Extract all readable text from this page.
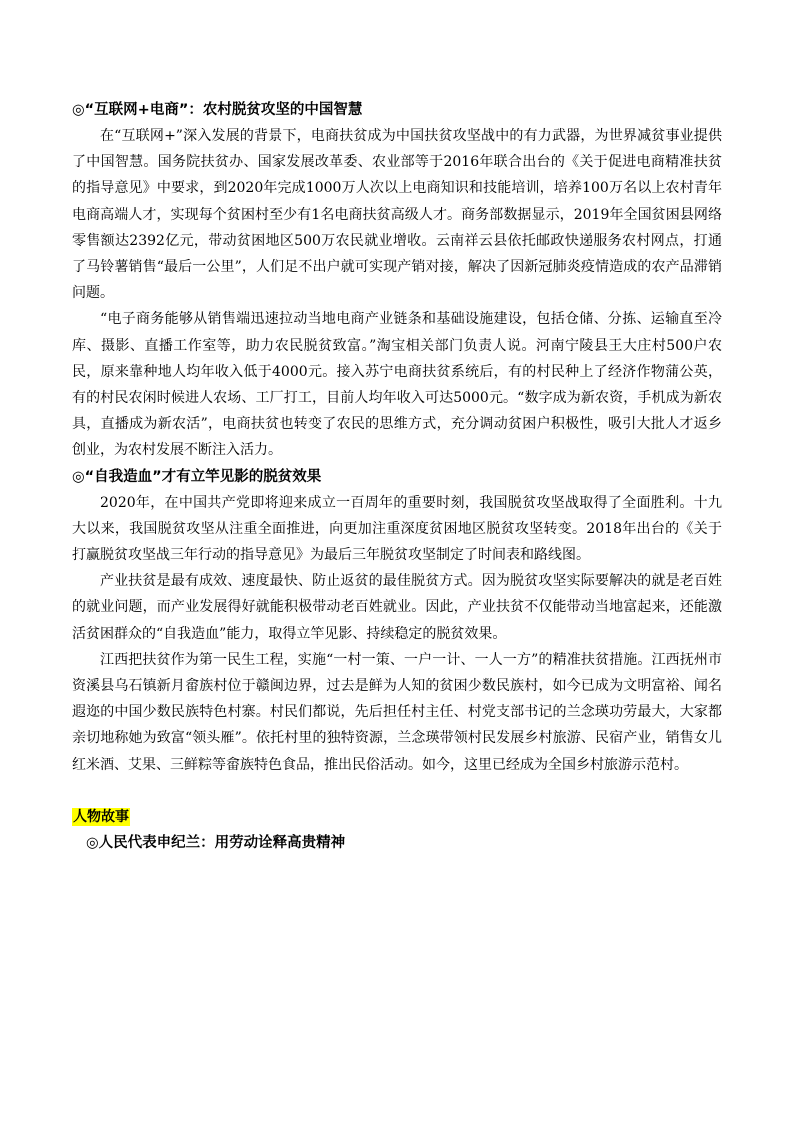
◎“互联网+电商”：农村脱贫攻坚的中国智慧

在“互联网+”深入发展的背景下，电商扶贫成为中国扶贫攻坚战中的有力武器，为世界减贫事业提供了中国智慧。国务院扶贫办、国家发展改革委、农业部等于2016年联合出台的《关于促进电商精准扶贫的指导意见》中要求，到2020年完成1000万人次以上电商知识和技能培训，培养100万名以上农村青年电商高端人才，实现每个贫困村至少有1名电商扶贫高级人才。商务部数据显示，2019年全国贫困县网络零售额达2392亿元，带动贫困地区500万农民就业增收。云南祥云县依托邮政快递服务农村网点，打通了马铃薯销售“最后一公里”，人们足不出户就可实现产销对接，解决了因新冠肺炎疫情造成的农产品滞销问题。

“电子商务能够从销售端迅速拉动当地电商产业链条和基础设施建设，包括仓储、分拣、运输直至冷库、摄影、直播工作室等，助力农民脱贫致富。”淘宝相关部门负责人说。河南宁陵县王大庄村500户农民，原来靠种地人均年收入低于4000元。接入苏宁电商扶贫系统后，有的村民种上了经济作物蒲公英，有的村民农闲时候进人农场、工厂打工，目前人均年收入可达5000元。“数字成为新农资，手机成为新农具，直播成为新农活”，电商扶贫也转变了农民的思维方式，充分调动贫困户积极性，吸引大批人才返乡创业，为农村发展不断注入活力。

◎“自我造血”才有立竿见影的脱贫效果

2020年，在中国共产党即将迎来成立一百周年的重要时刻，我国脱贫攻坚战取得了全面胜利。十九大以来，我国脱贫攻坚从注重全面推进，向更加注重深度贫困地区脱贫攻坚转变。2018年出台的《关于打赢脱贫攻坚战三年行动的指导意见》为最后三年脱贫攻坚制定了时间表和路线图。

产业扶贫是最有成效、速度最快、防止返贫的最佳脱贫方式。因为脱贫攻坚实际要解决的就是老百姓的就业问题，而产业发展得好就能积极带动老百姓就业。因此，产业扶贫不仅能带动当地富起来，还能激活贫困群众的“自我造血”能力，取得立竿见影、持续稳定的脱贫效果。

江西把扶贫作为第一民生工程，实施“一村一策、一户一计、一人一方”的精准扶贫措施。江西抚州市资溪县乌石镇新月畲族村位于赣闽边界，过去是鲜为人知的贫困少数民族村，如今已成为文明富裕、闻名遐迩的中国少数民族特色村寨。村民们都说，先后担任村主任、村党支部书记的兰念瑛功劳最大，大家都亲切地称她为致富“领头雁”。依托村里的独特资源，兰念瑛带领村民发展乡村旅游、民宿产业，销售女儿红米酒、艾果、三鲜粽等畲族特色食品，推出民俗活动。如今，这里已经成为全国乡村旅游示范村。

人物故事
◎人民代表申纪兰：用劳动诠释高贵精神
